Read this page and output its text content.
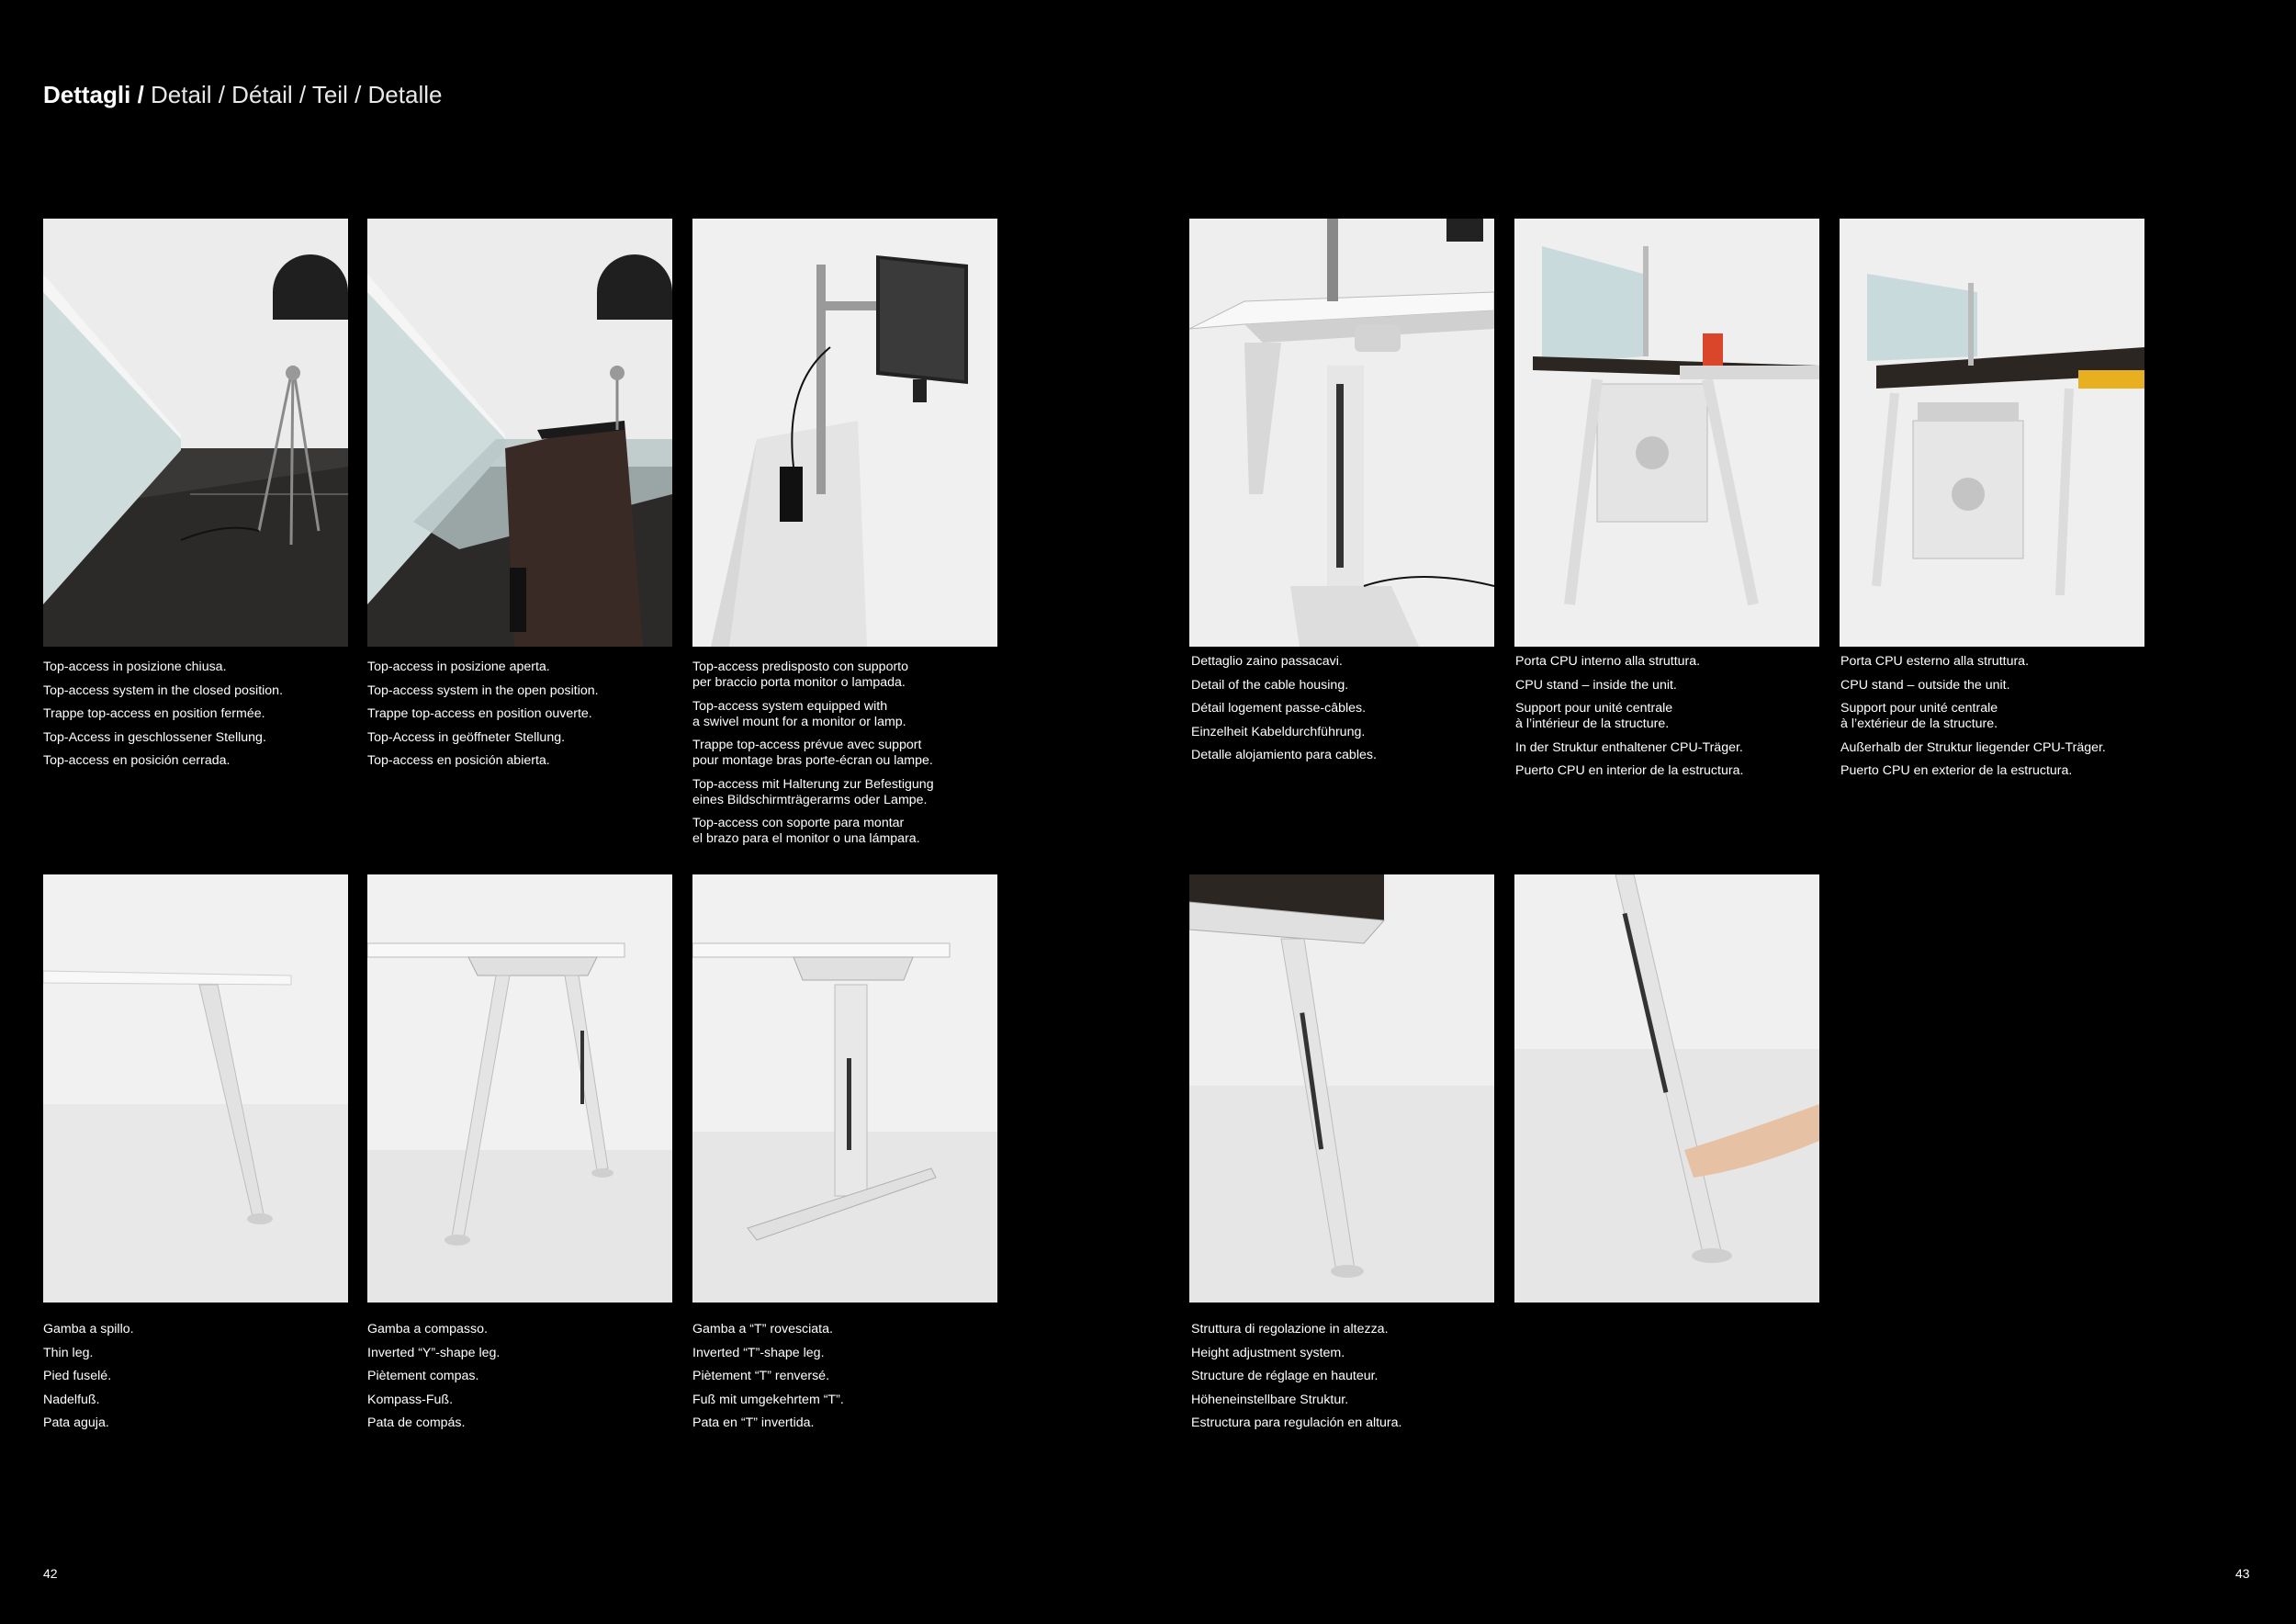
Dettagli / Detail / Détail / Teil / Detalle

Top-access in posizione chiusa.

Top-access system in the closed position.

Trappe top-access en position fermée.

Top-Access in geschlossener Stellung.

Top-access en posición cerrada.

Top-access in posizione aperta.

Top-access system in the open position.

Trappe top-access en position ouverte.

Top-Access in geöffneter Stellung.

Top-access en posición abierta.

Top-access predisposto con supporto
per braccio porta monitor o lampada.

Top-access system equipped with
a swivel mount for a monitor or lamp.

Trappe top-access prévue avec support
pour montage bras porte-écran ou lampe.

Top-access mit Halterung zur Befestigung
eines Bildschirmträgerarms oder Lampe.

Top-access con soporte para montar
el brazo para el monitor o una lámpara.

Dettaglio zaino passacavi.

Detail of the cable housing.

Détail logement passe-câbles.

Einzelheit Kabeldurchführung.

Detalle alojamiento para cables.

Porta CPU interno alla struttura.

CPU stand – inside the unit.

Support pour unité centrale
à l’intérieur de la structure.

In der Struktur enthaltener CPU-Träger.

Puerto CPU en interior de la estructura.

Porta CPU esterno alla struttura.

CPU stand – outside the unit.

Support pour unité centrale
à l’extérieur de la structure.

Außerhalb der Struktur liegender CPU-Träger.

Puerto CPU en exterior de la estructura.

Gamba a spillo.

Thin leg.

Pied fuselé.

Nadelfuß.

Pata aguja.

Gamba a compasso.

Inverted “Y”-shape leg.

Piètement compas.

Kompass-Fuß.

Pata de compás.

Gamba a “T” rovesciata.

Inverted “T”-shape leg.

Piètement “T” renversé.

Fuß mit umgekehrtem “T”.

Pata en “T” invertida.

Struttura di regolazione in altezza.

Height adjustment system.

Structure de réglage en hauteur.

Höheneinstellbare Struktur.

Estructura para regulación en altura.

42	43
